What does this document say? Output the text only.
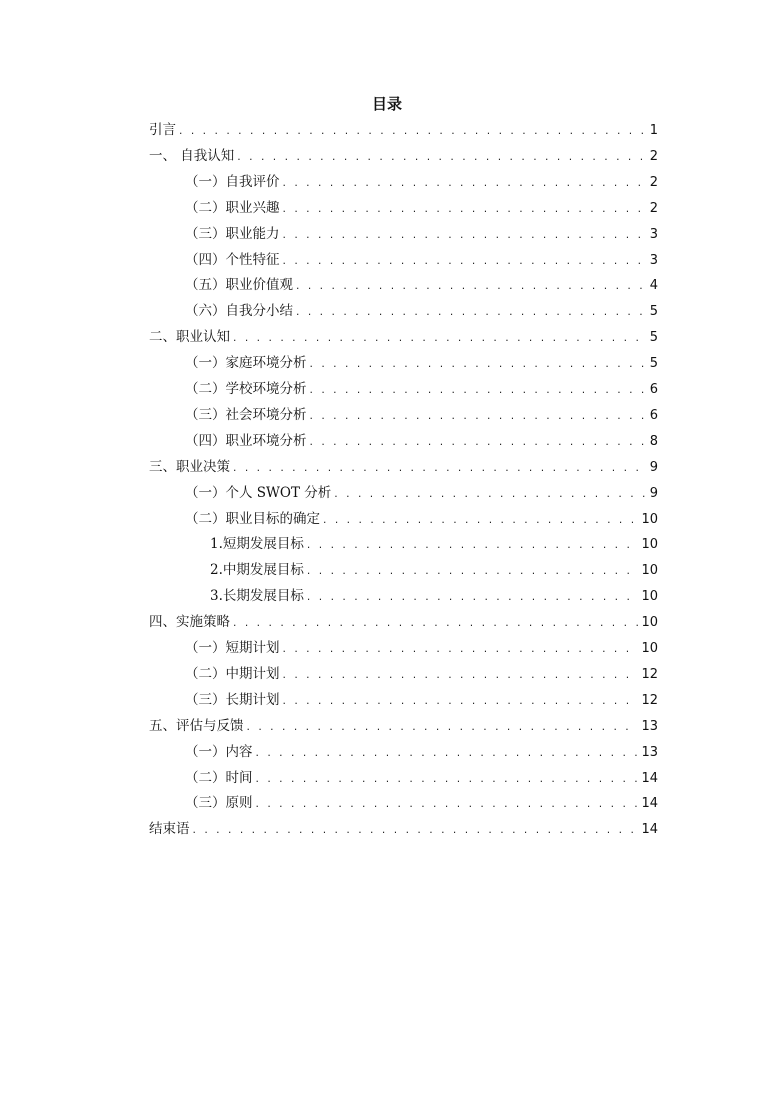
目录
引言 . . .	1
一、 自我认知 . . .	2
（一）自我评价 . . .	2
（二）职业兴趣 . . .	2
（三）职业能力 . . .	3
（四）个性特征 . . .	3
（五）职业价值观 . . .	4
（六）自我分小结 . . .	5
二、职业认知 . . .	5
（一）家庭环境分析 . . .	5
（二）学校环境分析 . . .	6
（三）社会环境分析 . . .	6
（四）职业环境分析 . . .	8
三、职业决策 . . .	9
（一）个人 SWOT 分析 . . .	9
（二）职业目标的确定 . . .	10
1.短期发展目标 . . .	10
2.中期发展目标 . . .	10
3.长期发展目标 . . .	10
四、实施策略 . . .	10
（一）短期计划 . . .	10
（二）中期计划 . . .	12
（三）长期计划 . . .	12
五、评估与反馈 . . .	13
（一）内容 . . .	13
（二）时间 . . .	14
（三）原则 . . .	14
结束语 . . .	14
